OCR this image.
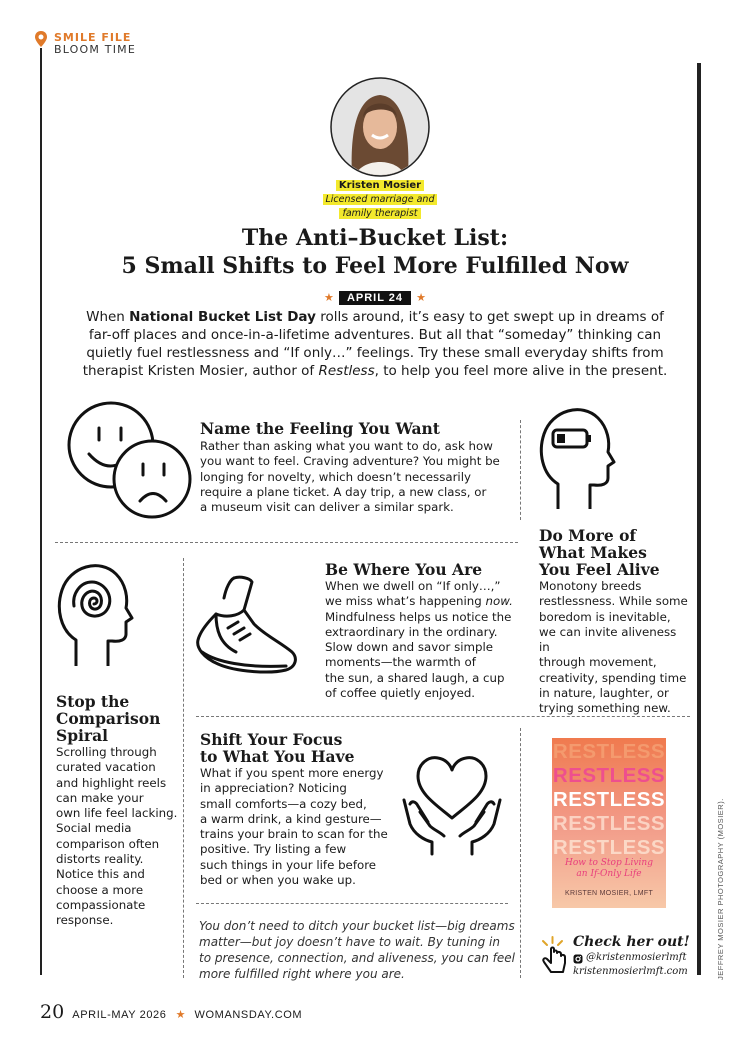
SMILE FILE
BLOOM TIME
Kristen Mosier
Licensed marriage and
family therapist
The Anti–Bucket List:
5 Small Shifts to Feel More Fulfilled Now
★ APRIL 24 ★
When National Bucket List Day rolls around, it’s easy to get swept up in dreams of far-off places and once-in-a-lifetime adventures. But all that “someday” thinking can quietly fuel restlessness and “If only…” feelings. Try these small everyday shifts from therapist Kristen Mosier, author of Restless, to help you feel more alive in the present.
Name the Feeling You Want
Rather than asking what you want to do, ask how
you want to feel. Craving adventure? You might be
longing for novelty, which doesn’t necessarily
require a plane ticket. A day trip, a new class, or
a museum visit can deliver a similar spark.
Do More of
What Makes
You Feel Alive
Monotony breeds
restlessness. While some
boredom is inevitable,
we can invite aliveness in
through movement,
creativity, spending time
in nature, laughter, or
trying something new.
Be Where You Are
When we dwell on “If only…,”
we miss what’s happening now.
Mindfulness helps us notice the
extraordinary in the ordinary.
Slow down and savor simple
moments—the warmth of
the sun, a shared laugh, a cup
of coffee quietly enjoyed.
Stop the
Comparison
Spiral
Scrolling through
curated vacation
and highlight reels
can make your
own life feel lacking.
Social media
comparison often
distorts reality.
Notice this and
choose a more
compassionate
response.
Shift Your Focus
to What You Have
What if you spent more energy
in appreciation? Noticing
small comforts—a cozy bed,
a warm drink, a kind gesture—
trains your brain to scan for the
positive. Try listing a few
such things in your life before
bed or when you wake up.
RESTLESS
RESTLESS
RESTLESS
RESTLESS
RESTLESS
How to Stop Living
an If-Only Life
KRISTEN MOSIER, LMFT
You don’t need to ditch your bucket list—big dreams
matter—but joy doesn’t have to wait. By tuning in
to presence, connection, and aliveness, you can feel
more fulfilled right where you are.
Check her out!
@kristenmosierlmft
kristenmosierlmft.com	JEFFREY MOSIER PHOTOGRAPHY (MOSIER).
20 APRIL-MAY 2026 ★ WOMANSDAY.COM
